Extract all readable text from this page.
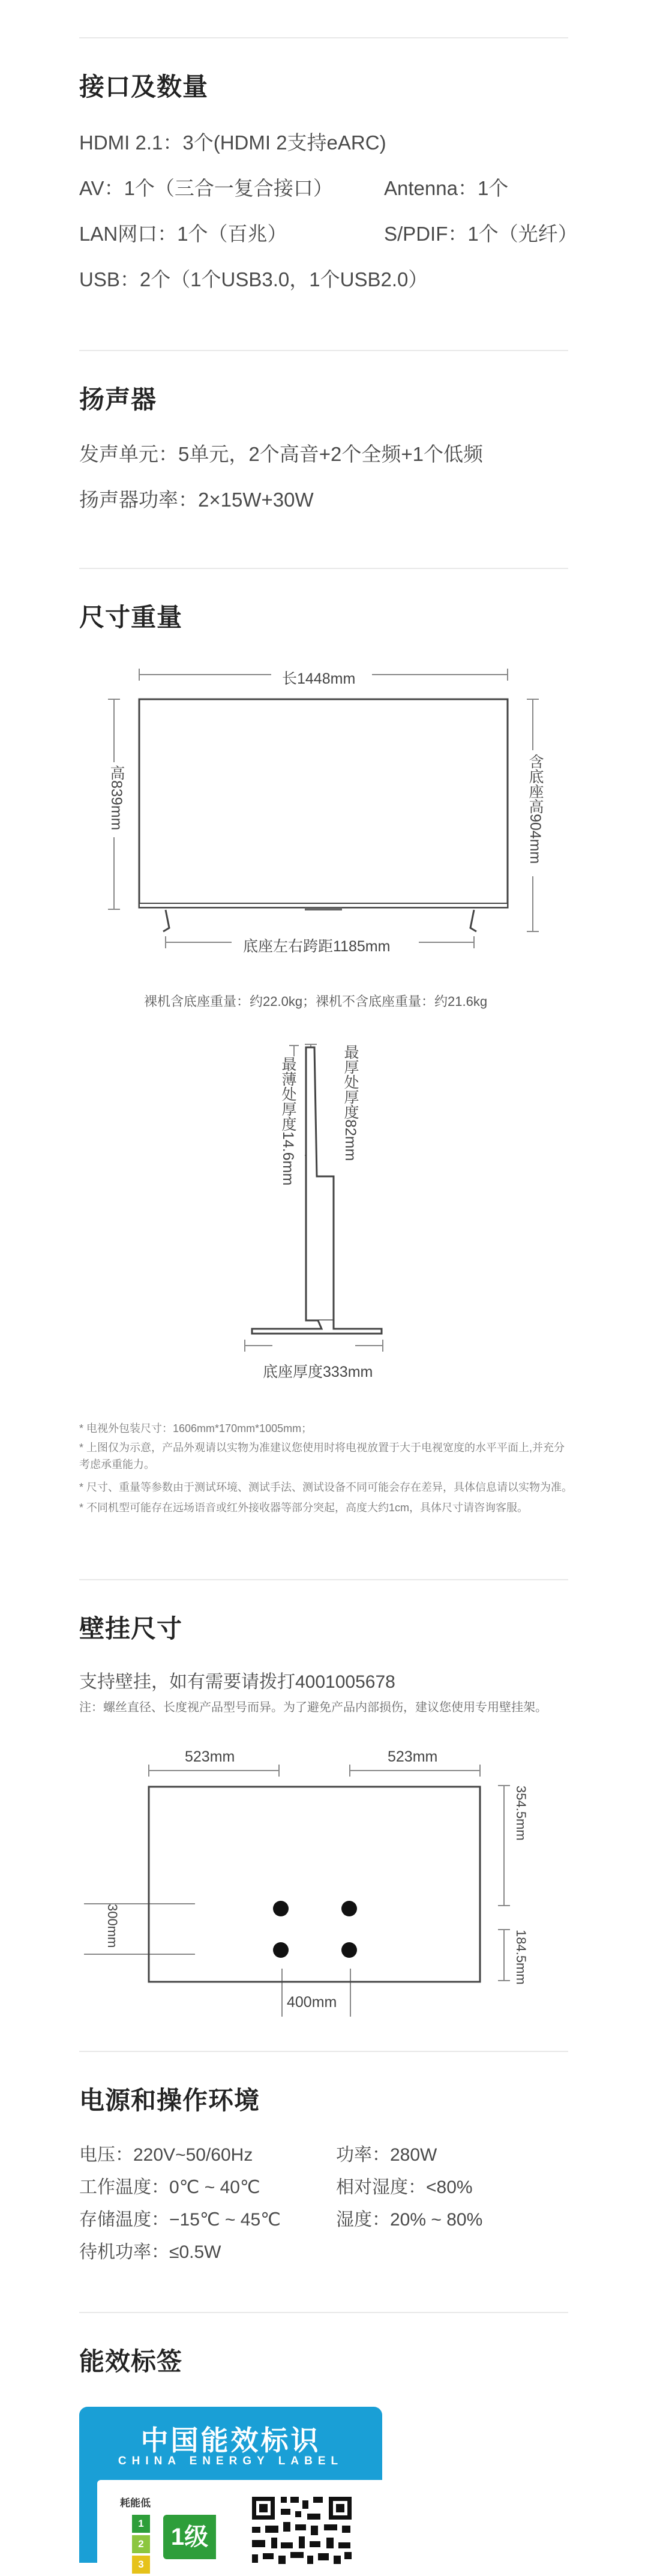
接口及数量
HDMI 2.1：3个(HDMI 2支持eARC)
AV：1个（三合一复合接口）	Antenna：1个
LAN网口：1个（百兆）	S/PDIF：1个（光纤）
USB：2个（1个USB3.0，1个USB2.0）
扬声器
发声单元：5单元，2个高音+2个全频+1个低频
扬声器功率：2×15W+30W
尺寸重量
长1448mm
高839mm	含底座高904mm
底座左右跨距1185mm
裸机含底座重量：约22.0kg；裸机不含底座重量：约21.6kg
最薄处厚度14.6mm	最厚处厚度82mm
底座厚度333mm
* 电视外包装尺寸：1606mm*170mm*1005mm；
* 上图仅为示意，产品外观请以实物为准建议您使用时将电视放置于大于电视宽度的水平平面上,并充分
考虑承重能力。
* 尺寸、重量等参数由于测试环境、测试手法、测试设备不同可能会存在差异，具体信息请以实物为准。
* 不同机型可能存在远场语音或红外接收器等部分突起，高度大约1cm，具体尺寸请咨询客服。
壁挂尺寸
支持壁挂，如有需要请拨打4001005678
注：螺丝直径、长度视产品型号而异。为了避免产品内部损伤，建议您使用专用壁挂架。
523mm	523mm
354.5mm
184.5mm
300mm
400mm
电源和操作环境
电压：220V~50/60Hz	功率：280W
工作温度：0℃ ~ 40℃	相对湿度：<80%
存储温度：−15℃ ~ 45℃	湿度：20% ~ 80%
待机功率：≤0.5W
能效标签
中国能效标识
CHINA ENERGY LABEL
耗能低
1
2
3
1级
